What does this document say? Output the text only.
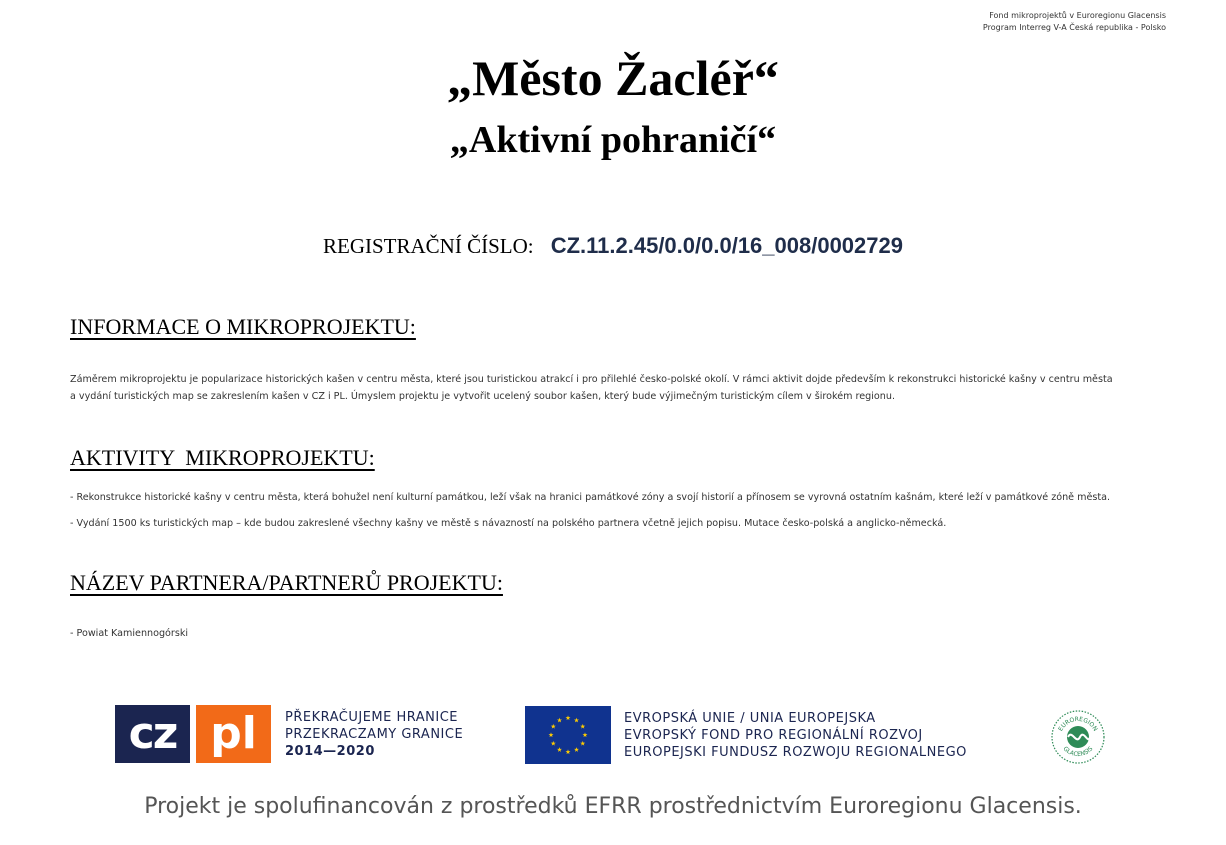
Fond mikroprojektů v Euroregionu Glacensis
Program Interreg V-A Česká republika - Polsko
„Město Žacléř“
„Aktivní pohraničí“
REGISTRAČNÍ ČÍSLO: CZ.11.2.45/0.0/0.0/16_008/0002729
INFORMACE O MIKROPROJEKTU:
Záměrem mikroprojektu je popularizace historických kašen v centru města, které jsou turistickou atrakcí i pro přilehlé česko-polské okolí. V rámci aktivit dojde především k rekonstrukci historické kašny v centru města
a vydání turistických map se zakreslením kašen v CZ i PL. Úmyslem projektu je vytvořit ucelený soubor kašen, který bude výjimečným turistickým cílem v širokém regionu.
AKTIVITY  MIKROPROJEKTU:
- Rekonstrukce historické kašny v centru města, která bohužel není kulturní památkou, leží však na hranici památkové zóny a svojí historií a přínosem se vyrovná ostatním kašnám, které leží v památkové zóně města.
- Vydání 1500 ks turistických map – kde budou zakreslené všechny kašny ve městě s návazností na polského partnera včetně jejich popisu. Mutace česko-polská a anglicko-německá.
NÁZEV PARTNERA/PARTNERŮ PROJEKTU:
- Powiat Kamiennogórski
cz pl	PŘEKRAČUJEME HRANICE
PRZEKRACZAMY GRANICE
2014—2020
EVROPSKÁ UNIE / UNIA EUROPEJSKA
EVROPSKÝ FOND PRO REGIONÁLNÍ ROZVOJ
EUROPEJSKI FUNDUSZ ROZWOJU REGIONALNEGO
EUROREGION
GLACENSIS
Projekt je spolufinancován z prostředků EFRR prostřednictvím Euroregionu Glacensis.
